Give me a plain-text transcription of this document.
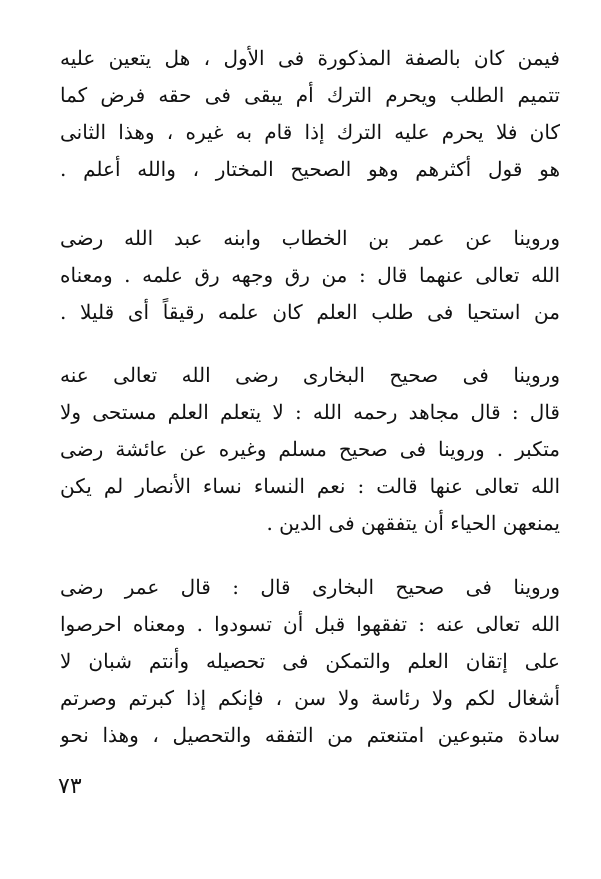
فيمن كان بالصفة المذكورة فى الأول ، هل يتعين عليه
تتميم الطلب ويحرم الترك أم يبقى فى حقه فرض كما
كان فلا يحرم عليه الترك إذا قام به غيره ، وهذا الثانى
هو قول أكثرهم وهو الصحيح المختار ، والله أعلم .
وروينا عن عمر بن الخطاب وابنه عبد الله رضى
الله تعالى عنهما قال : من رق وجهه رق علمه . ومعناه
من استحيا فى طلب العلم كان علمه رقيقاً أى قليلا .
وروينا فى صحيح البخارى رضى الله تعالى عنه
قال : قال مجاهد رحمه الله : لا يتعلم العلم مستحى ولا
متكبر . وروينا فى صحيح مسلم وغيره عن عائشة رضى
الله تعالى عنها قالت : نعم النساء نساء الأنصار لم يكن
يمنعهن الحياء أن يتفقهن فى الدين .
وروينا فى صحيح البخارى قال : قال عمر رضى
الله تعالى عنه : تفقهوا قبل أن تسودوا . ومعناه احرصوا
على إتقان العلم والتمكن فى تحصيله وأنتم شبان لا
أشغال لكم ولا رئاسة ولا سن ، فإنكم إذا كبرتم وصرتم
سادة متبوعين امتنعتم من التفقه والتحصيل ، وهذا نحو
٧٣
